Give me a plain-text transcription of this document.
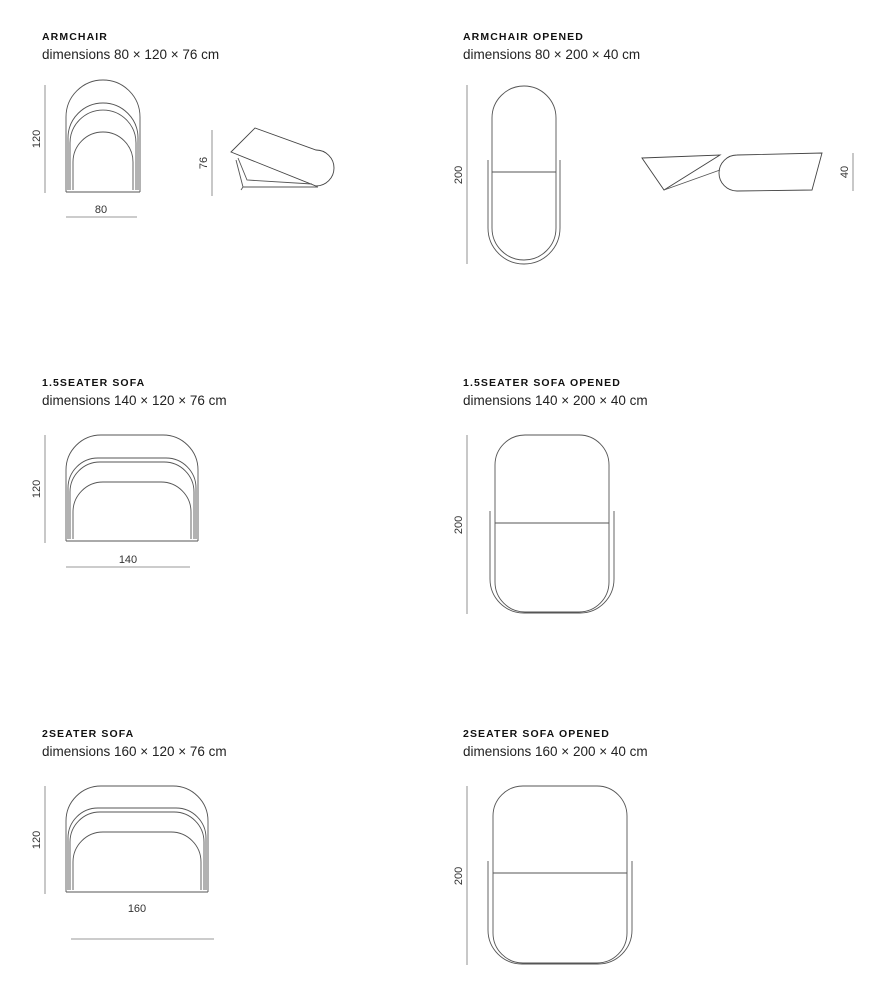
ARMCHAIR
dimensions 80 × 120 × 76 cm
ARMCHAIR OPENED
dimensions 80 × 200 × 40 cm
1.5SEATER SOFA
dimensions 140 × 120 × 76 cm
1.5SEATER SOFA OPENED
dimensions 140 × 200 × 40 cm
2SEATER SOFA
dimensions 160 × 120 × 76 cm
2SEATER SOFA OPENED
dimensions 160 × 200 × 40 cm
120
80
76
200	40
120
140
200
120
160
200
